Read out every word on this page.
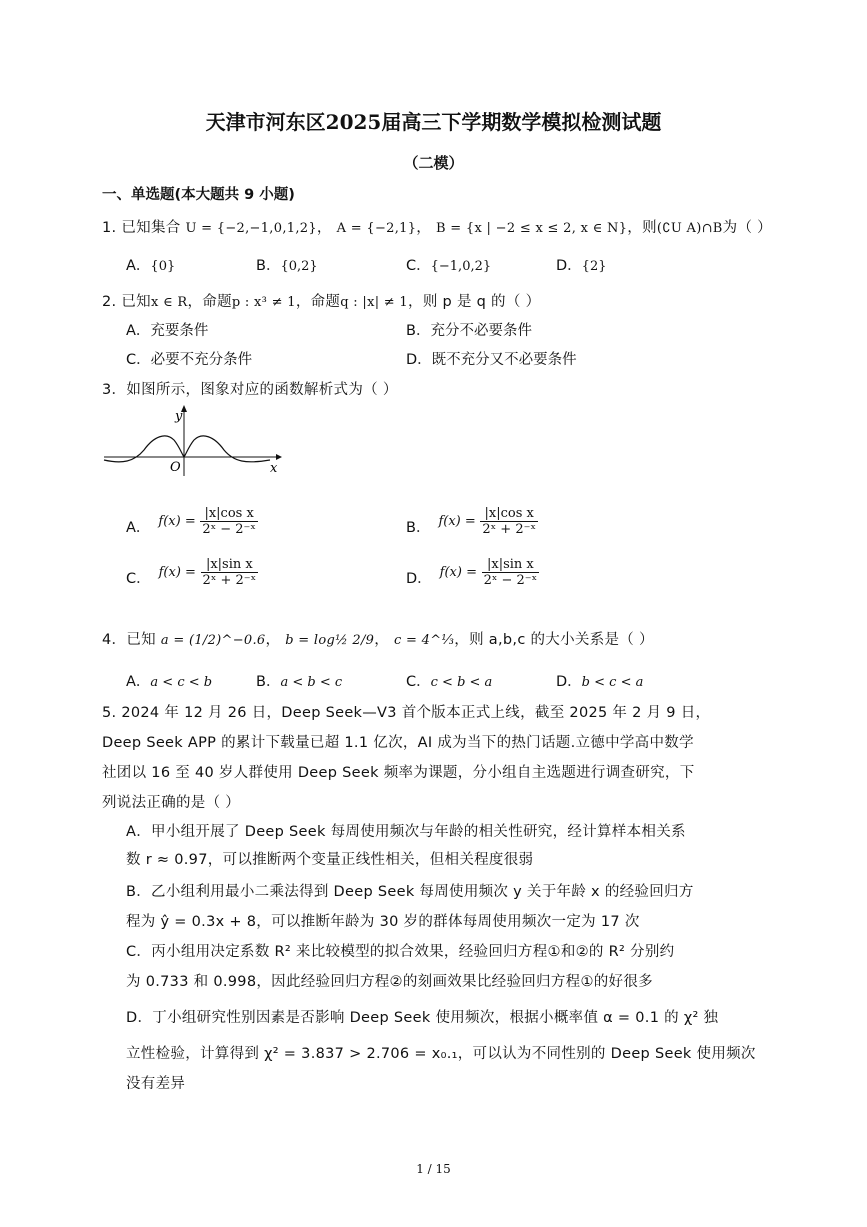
天津市河东区2025届高三下学期数学模拟检测试题
（二模）
一、单选题(本大题共 9 小题)
1. 已知集合 U = {−2,−1,0,1,2}， A = {−2,1}， B = {x | −2 ≤ x ≤ 2, x ∈ N}，则(∁U A)∩B为（ ）
A．{0}	B．{0,2}	C．{−1,0,2}	D．{2}
2. 已知x ∈ R，命题p : x³ ≠ 1，命题q : |x| ≠ 1，则 p 是 q 的（ ）
A．充要条件	B．充分不必要条件
C．必要不充分条件	D．既不充分又不必要条件
3．如图所示，图象对应的函数解析式为（ ）
y
x
O
A． $f(x) = \frac{\text{|x|cos x}}{\text{2ˣ − 2⁻ˣ}}$	B． $f(x) = \frac{\text{|x|cos x}}{\text{2ˣ + 2⁻ˣ}}$
C． $f(x) = \frac{\text{|x|sin x}}{\text{2ˣ + 2⁻ˣ}}$	D． $f(x) = \frac{\text{|x|sin x}}{\text{2ˣ − 2⁻ˣ}}$
4．已知 a = (1/2)^−0.6， b = log½ 2/9， c = 4^⅓，则 a,b,c 的大小关系是（ ）
A．a < c < b	B．a < b < c	C．c < b < a	D．b < c < a
5. 2024 年 12 月 26 日，Deep Seek—V3 首个版本正式上线，截至 2025 年 2 月 9 日，
Deep Seek APP 的累计下载量已超 1.1 亿次，AI 成为当下的热门话题.立德中学高中数学
社团以 16 至 40 岁人群使用 Deep Seek 频率为课题，分小组自主选题进行调查研究，下
列说法正确的是（ ）
A．甲小组开展了 Deep Seek 每周使用频次与年龄的相关性研究，经计算样本相关系
数 r ≈ 0.97，可以推断两个变量正线性相关，但相关程度很弱
B．乙小组利用最小二乘法得到 Deep Seek 每周使用频次 y 关于年龄 x 的经验回归方
程为 ŷ = 0.3x + 8，可以推断年龄为 30 岁的群体每周使用频次一定为 17 次
C．丙小组用决定系数 R² 来比较模型的拟合效果，经验回归方程①和②的 R² 分别约
为 0.733 和 0.998，因此经验回归方程②的刻画效果比经验回归方程①的好很多
D．丁小组研究性别因素是否影响 Deep Seek 使用频次，根据小概率值 α = 0.1 的 χ² 独
立性检验，计算得到 χ² = 3.837 > 2.706 = x₀.₁，可以认为不同性别的 Deep Seek 使用频次
没有差异
1 / 15
